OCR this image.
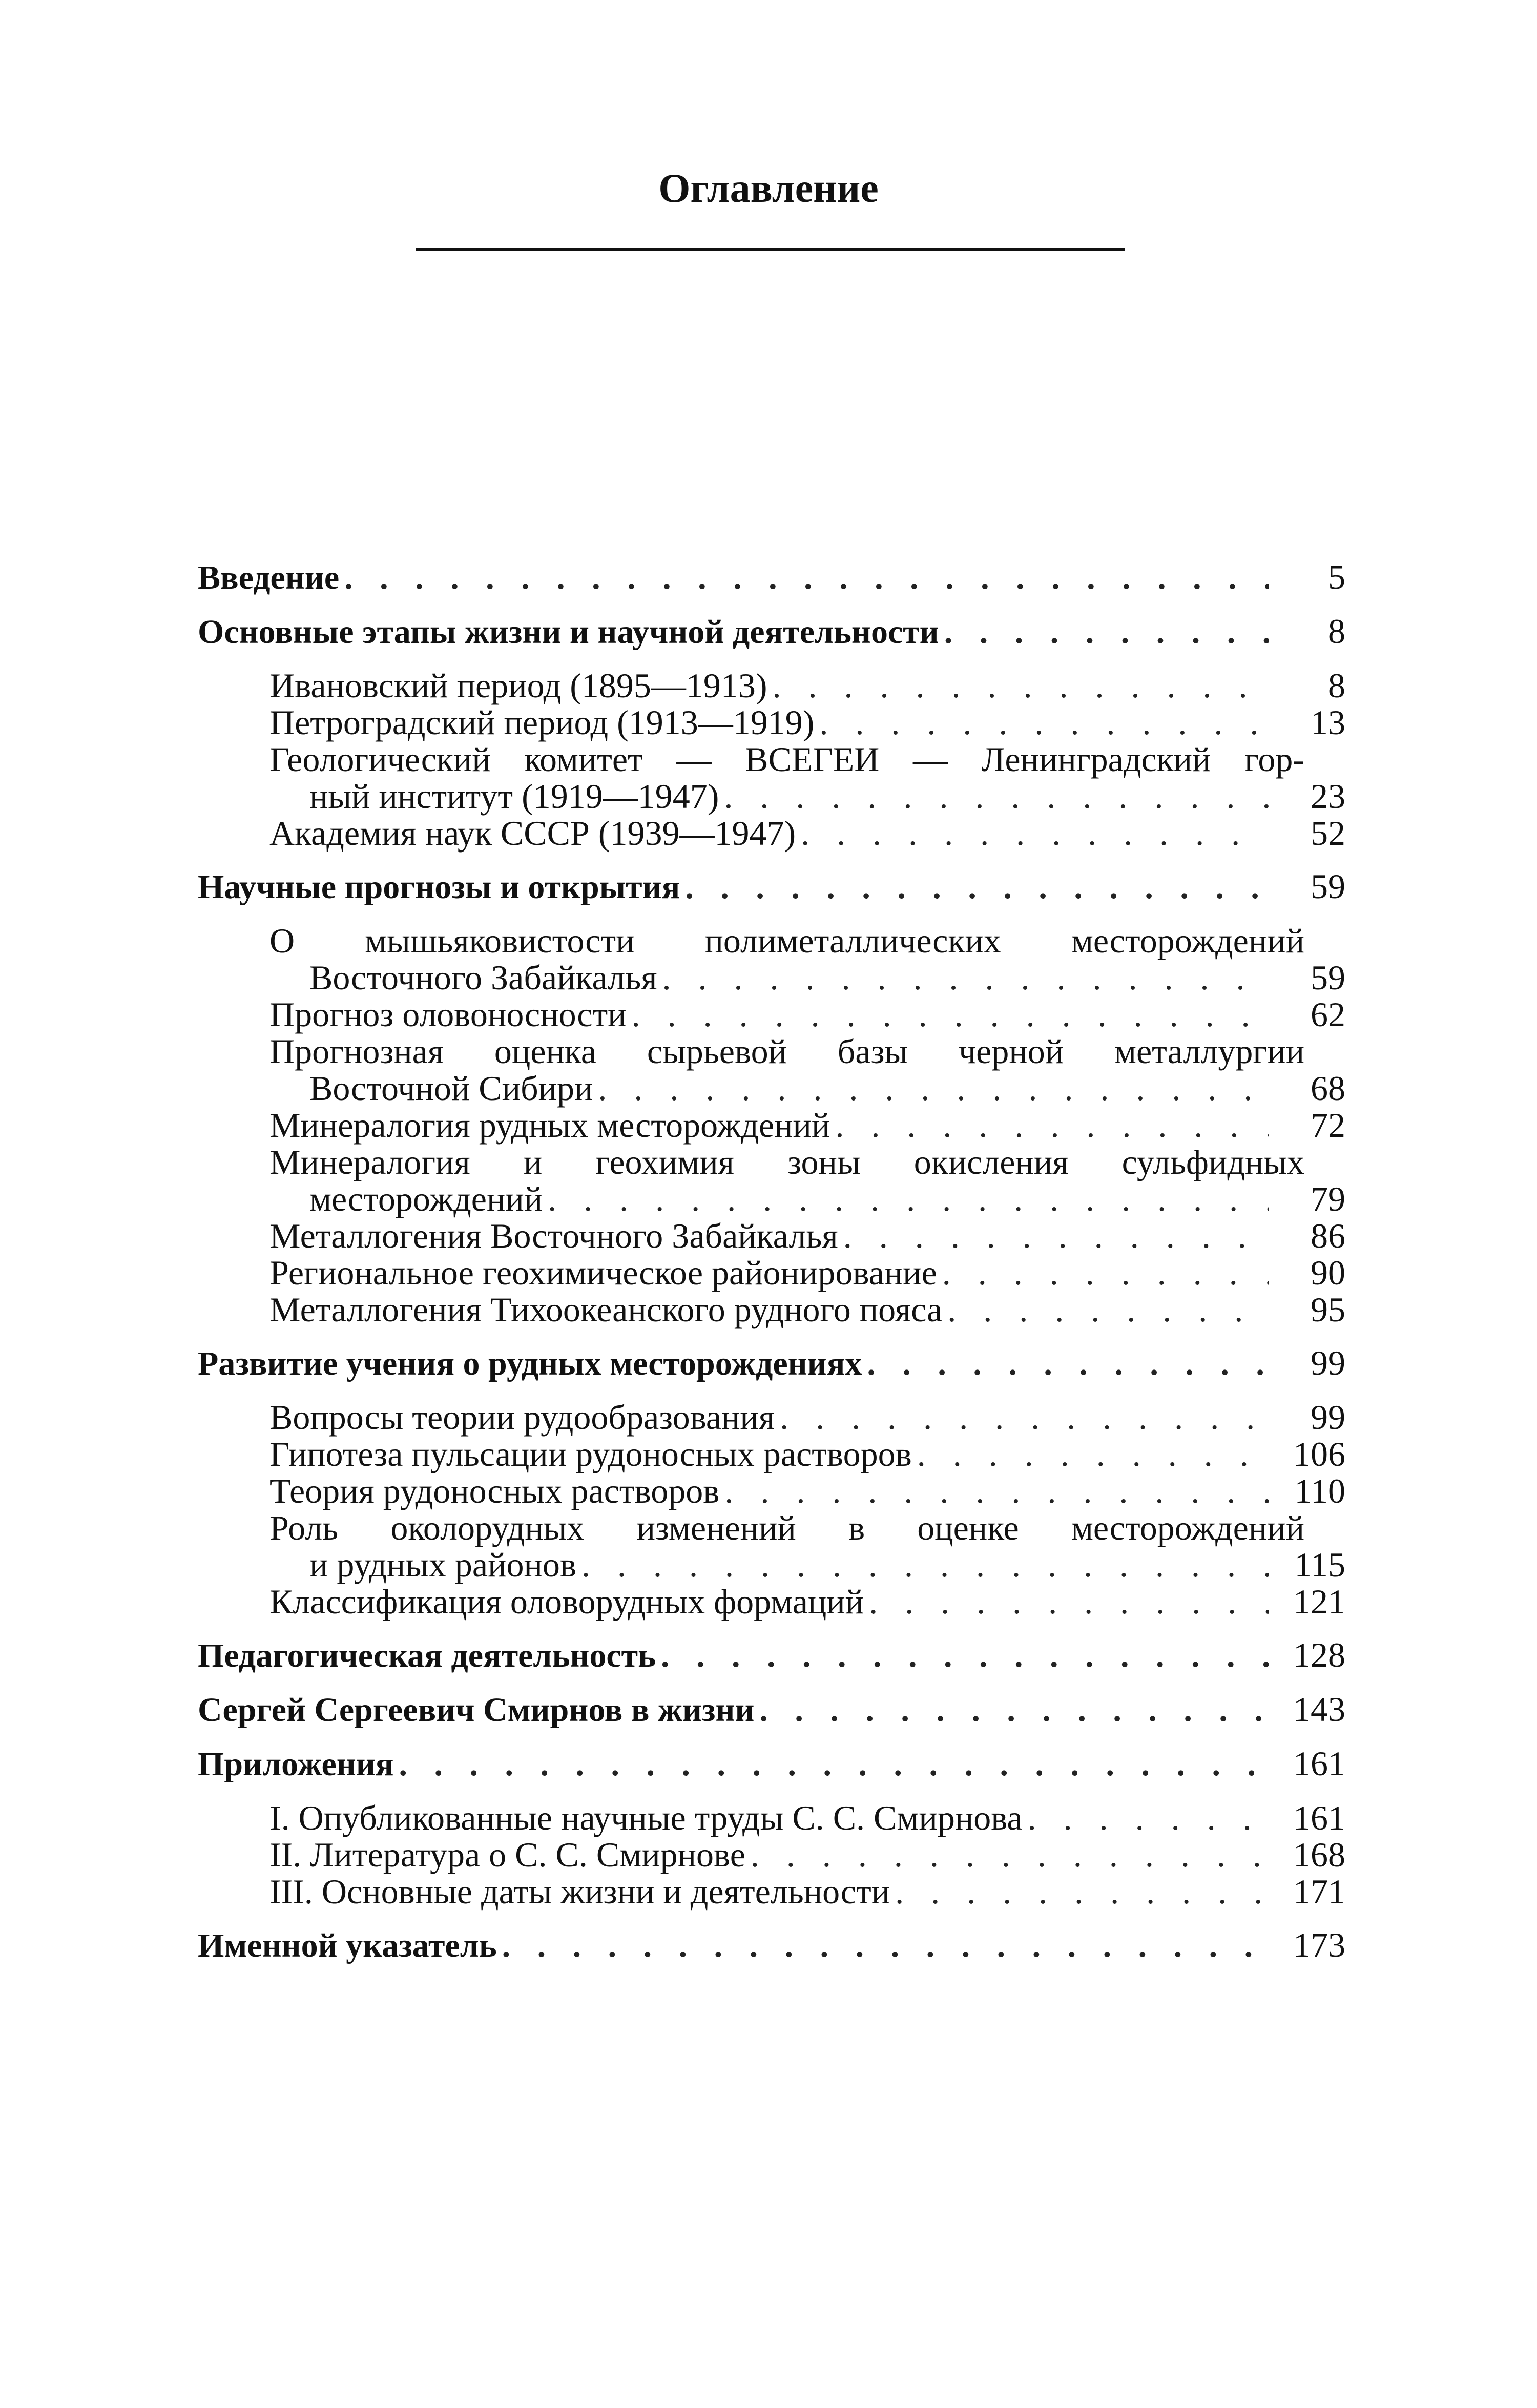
Оглавление
Введение . . .	5
Основные этапы жизни и научной деятельности . . .	8
Ивановский период (1895—1913) . . .	8
Петроградский период (1913—1919) . . .	13
Геологический комитет — ВСЕГЕИ — Ленинградский гор-
ный институт (1919—1947) . . .	23
Академия наук СССР (1939—1947) . . .	52
Научные прогнозы и открытия . . .	59
О мышьяковистости полиметаллических месторождений
Восточного Забайкалья . . .	59
Прогноз оловоносности . . .	62
Прогнозная оценка сырьевой базы черной металлургии
Восточной Сибири . . .	68
Минералогия рудных месторождений . . .	72
Минералогия и геохимия зоны окисления сульфидных
месторождений . . .	79
Металлогения Восточного Забайкалья . . .	86
Региональное геохимическое районирование . . .	90
Металлогения Тихоокеанского рудного пояса . . .	95
Развитие учения о рудных месторождениях . . .	99
Вопросы теории рудообразования . . .	99
Гипотеза пульсации рудоносных растворов . . .	106
Теория рудоносных растворов . . .	110
Роль околорудных изменений в оценке месторождений
и рудных районов . . .	115
Классификация оловорудных формаций . . .	121
Педагогическая деятельность . . .	128
Сергей Сергеевич Смирнов в жизни . . .	143
Приложения . . .	161
I. Опубликованные научные труды С. С. Смирнова . . .	161
II. Литература о С. С. Смирнове . . .	168
III. Основные даты жизни и деятельности . . .	171
Именной указатель . . .	173
